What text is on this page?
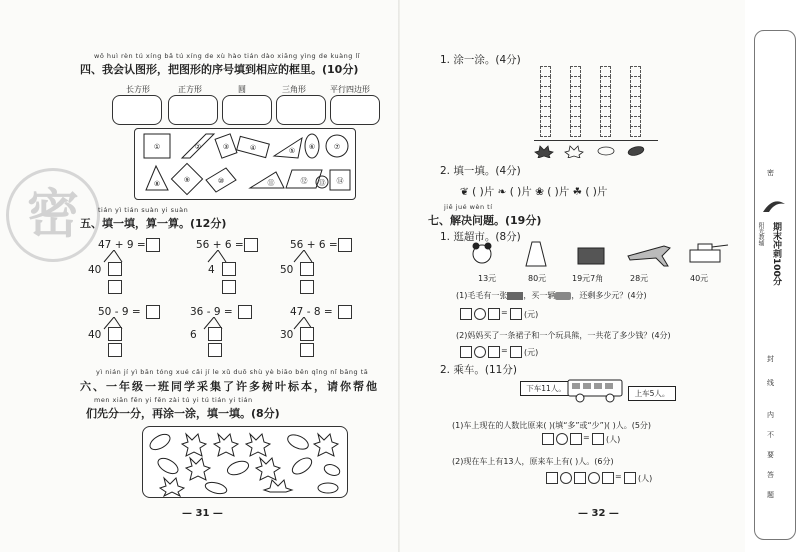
密
wǒ huì rèn tú xíng bǎ tú xíng de xù hào tián dào xiāng yìng de kuàng lǐ
四、我会认图形，把图形的序号填到相应的框里。(10分)
长方形	正方形	圆	三角形	平行四边形
①	②	③	④	⑤ ⑥	⑦
⑧	⑨	⑩	⑪	⑫ ⑬ ⑭
tián yì tián suàn yi suàn
五、填一填，算一算。(12分)
47 + 9 =
40
56 + 6 =
4
56 + 6 =
50
50 - 9 =
40
36 - 9 =
6
47 - 8 =
30
yì nián jí yì bān tóng xué cǎi jí le xǔ duō shù yè biāo běn qǐng nǐ bāng tā
六、一年级一班同学采集了许多树叶标本，请你帮他
men xiān fēn yi fēn zài tú yi tú tián yi tián
们先分一分，再涂一涂，填一填。(8分)
— 31 —
1. 涂一涂。(4分)
2. 填一填。(4分)
❦ ( )片 ❧ ( )片 ❀ ( )片 ☘ ( )片
jiě jué wèn tí
七、解决问题。(19分)
1. 逛超市。(8分)
13元	80元	19元7角	28元	40元
(1)毛毛有一张 ，买一辆 ，还剩多少元？(4分)
= (元)
(2)妈妈买了一条裙子和一个玩具熊，一共花了多少钱？(4分)
= (元)
2. 乘车。(11分)
下车11人。
上车5人。
(1)车上现在的人数比原来( )(填“多”或“少”)( )人。(5分)
= (人)
(2)现在车上有13人，原来车上有( )人。(6分)
= (人)
— 32 —
期末冲刺100分
阳光教辅
密
封
线
内
不
要
答
题
